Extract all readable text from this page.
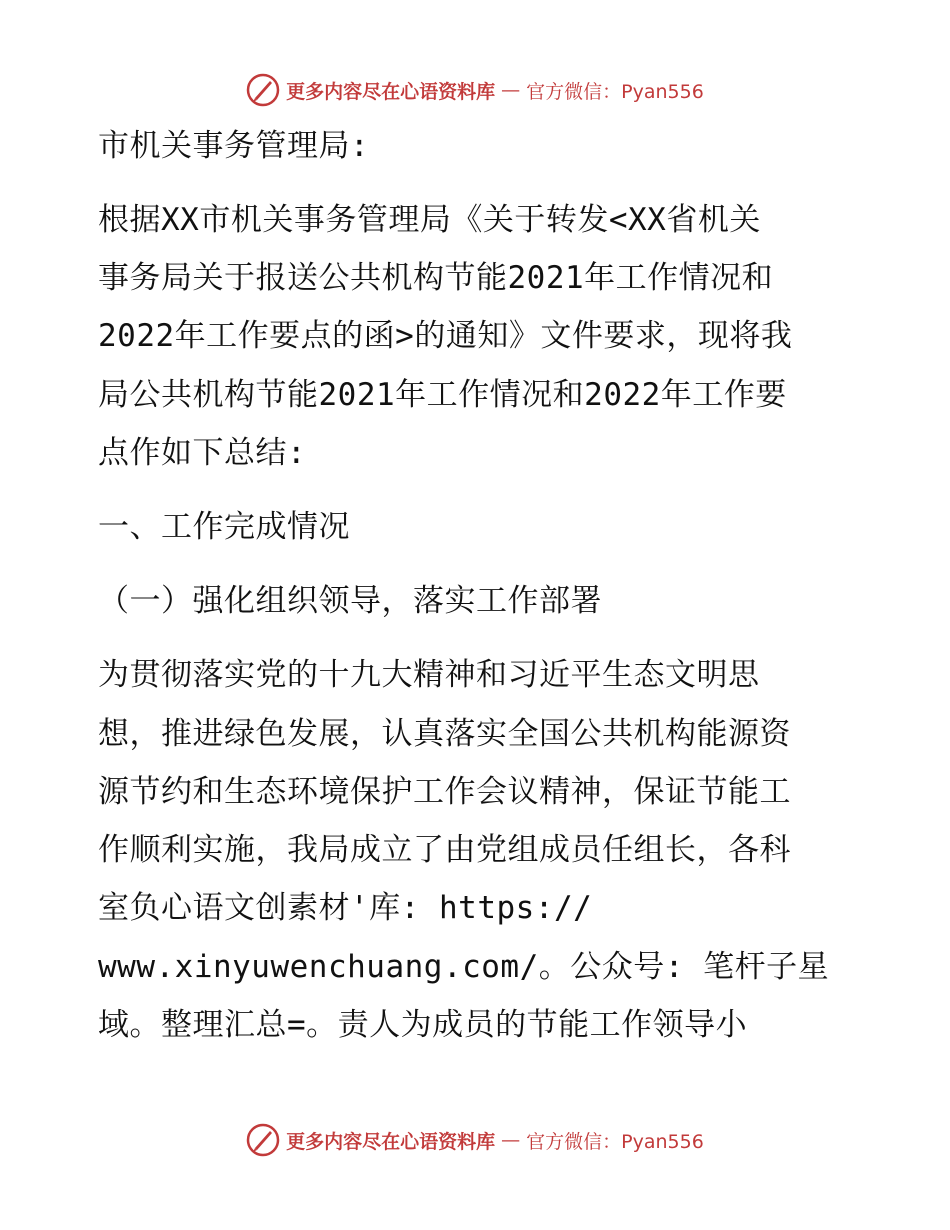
更多内容尽在心语资料库 — 官方微信：Pyan556
市机关事务管理局:
根据XX市机关事务管理局《关于转发<XX省机关
事务局关于报送公共机构节能2021年工作情况和
2022年工作要点的函>的通知》文件要求，现将我
局公共机构节能2021年工作情况和2022年工作要
点作如下总结:
一、工作完成情况
（一）强化组织领导，落实工作部署
为贯彻落实党的十九大精神和习近平生态文明思
想，推进绿色发展，认真落实全国公共机构能源资
源节约和生态环境保护工作会议精神，保证节能工
作顺利实施，我局成立了由党组成员任组长，各科
室负心语文创素材'库: https://
www.xinyuwenchuang.com/。公众号: 笔杆子星
域。整理汇总=。责人为成员的节能工作领导小
更多内容尽在心语资料库 — 官方微信：Pyan556
